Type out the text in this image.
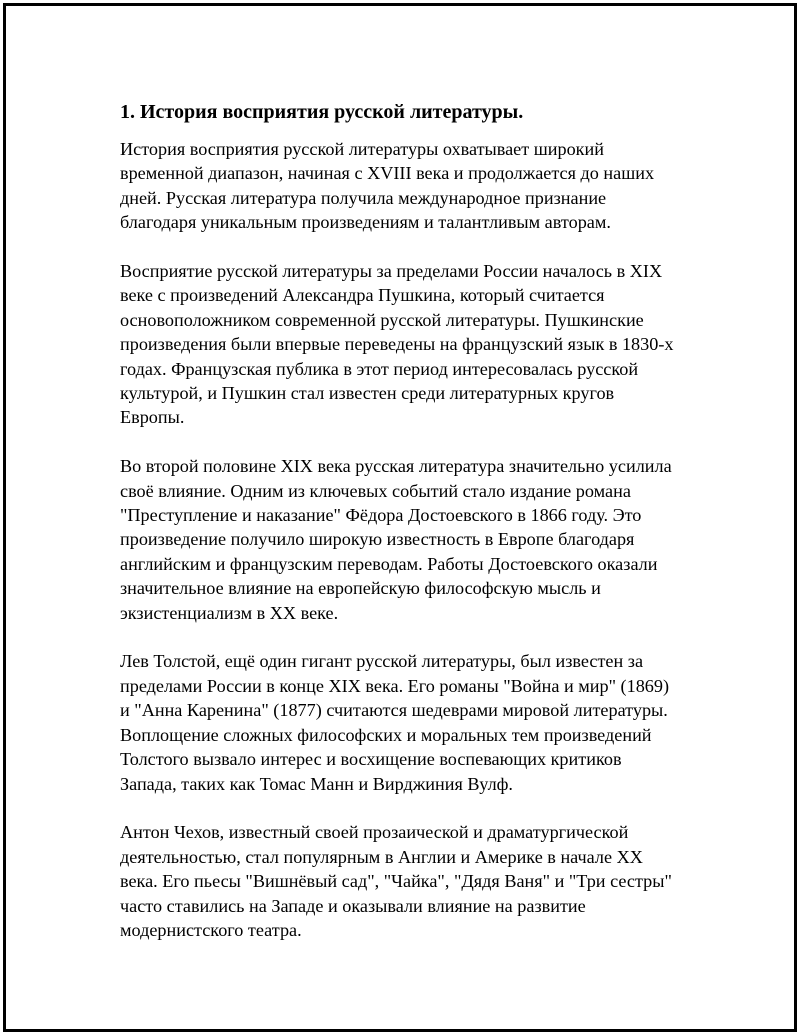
1. История восприятия русской литературы.

История восприятия русской литературы охватывает широкий
временной диапазон, начиная с XVIII века и продолжается до наших
дней. Русская литература получила международное признание
благодаря уникальным произведениям и талантливым авторам.

Восприятие русской литературы за пределами России началось в XIX
веке с произведений Александра Пушкина, который считается
основоположником современной русской литературы. Пушкинские
произведения были впервые переведены на французский язык в 1830-х
годах. Французская публика в этот период интересовалась русской
культурой, и Пушкин стал известен среди литературных кругов
Европы.

Во второй половине XIX века русская литература значительно усилила
своё влияние. Одним из ключевых событий стало издание романа
"Преступление и наказание" Фёдора Достоевского в 1866 году. Это
произведение получило широкую известность в Европе благодаря
английским и французским переводам. Работы Достоевского оказали
значительное влияние на европейскую философскую мысль и
экзистенциализм в XX веке.

Лев Толстой, ещё один гигант русской литературы, был известен за
пределами России в конце XIX века. Его романы "Война и мир" (1869)
и "Анна Каренина" (1877) считаются шедеврами мировой литературы.
Воплощение сложных философских и моральных тем произведений
Толстого вызвало интерес и восхищение воспевающих критиков
Запада, таких как Томас Манн и Вирджиния Вулф.

Антон Чехов, известный своей прозаической и драматургической
деятельностью, стал популярным в Англии и Америке в начале XX
века. Его пьесы "Вишнёвый сад", "Чайка", "Дядя Ваня" и "Три сестры"
часто ставились на Западе и оказывали влияние на развитие
модернистского театра.
